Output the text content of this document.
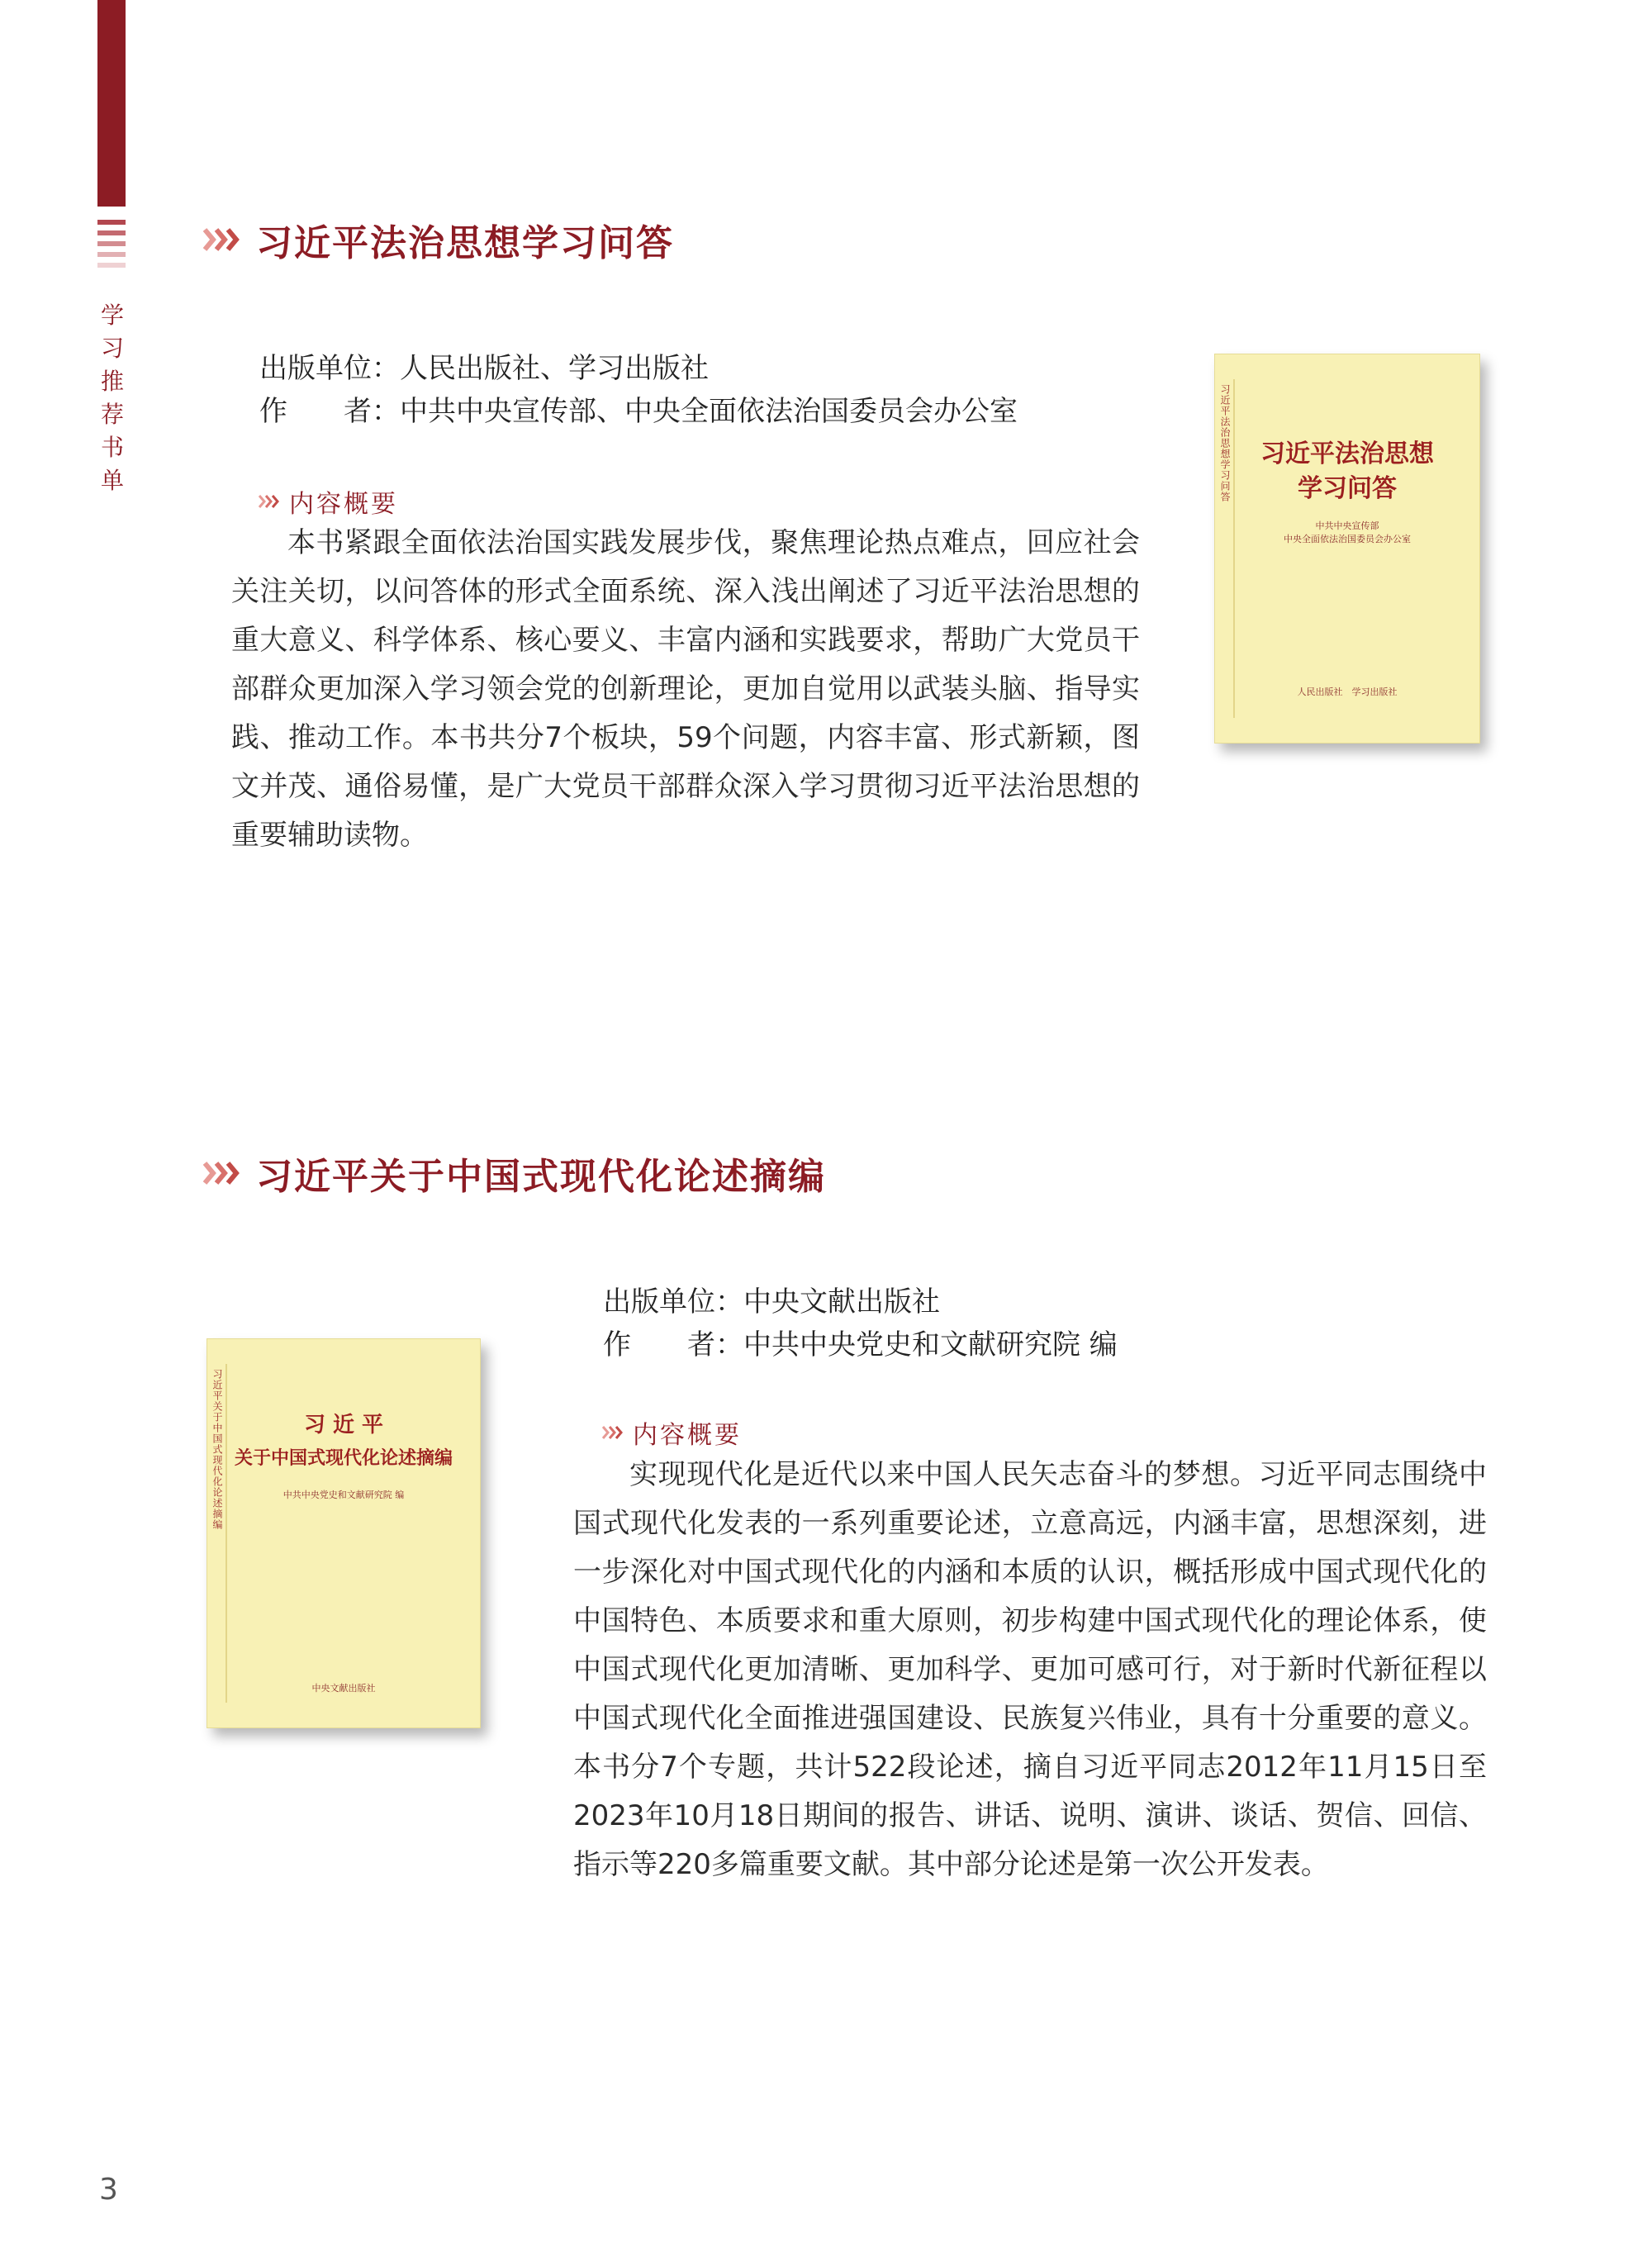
学
习
推
荐
书
单
习近平法治思想学习问答
出版单位：人民出版社、学习出版社
作　　者：中共中央宣传部、中央全面依法治国委员会办公室
内容概要
本书紧跟全面依法治国实践发展步伐，聚焦理论热点难点，回应社会关注关切，以问答体的形式全面系统、深入浅出阐述了习近平法治思想的重大意义、科学体系、核心要义、丰富内涵和实践要求，帮助广大党员干部群众更加深入学习领会党的创新理论，更加自觉用以武装头脑、指导实践、推动工作。本书共分7个板块，59个问题，内容丰富、形式新颖，图文并茂、通俗易懂，是广大党员干部群众深入学习贯彻习近平法治思想的重要辅助读物。
习近平法治思想学习问答	习近平法治思想
学习问答
中共中央宣传部
中央全面依法治国委员会办公室
人民出版社　学习出版社
习近平关于中国式现代化论述摘编
习近平关于中国式现代化论述摘编	习 近 平
关于中国式现代化论述摘编
中共中央党史和文献研究院 编
中央文献出版社
出版单位：中央文献出版社
作　　者：中共中央党史和文献研究院 编
内容概要
实现现代化是近代以来中国人民矢志奋斗的梦想。习近平同志围绕中国式现代化发表的一系列重要论述，立意高远，内涵丰富，思想深刻，进一步深化对中国式现代化的内涵和本质的认识，概括形成中国式现代化的中国特色、本质要求和重大原则，初步构建中国式现代化的理论体系，使中国式现代化更加清晰、更加科学、更加可感可行，对于新时代新征程以中国式现代化全面推进强国建设、民族复兴伟业，具有十分重要的意义。本书分7个专题，共计522段论述，摘自习近平同志2012年11月15日至2023年10月18日期间的报告、讲话、说明、演讲、谈话、贺信、回信、指示等220多篇重要文献。其中部分论述是第一次公开发表。
3
